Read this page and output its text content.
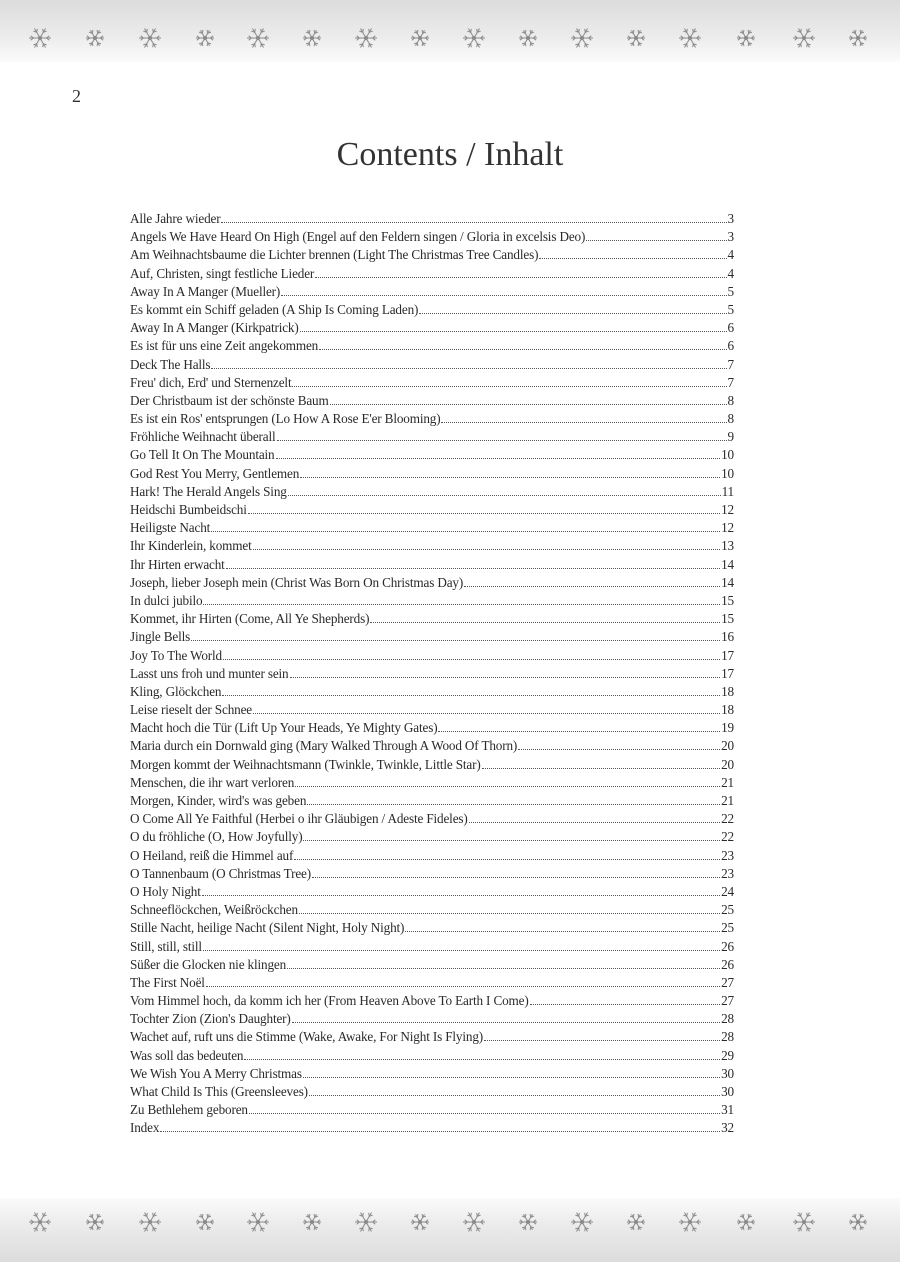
2
Contents / Inhalt
Alle Jahre wieder	3
Angels We Have Heard On High (Engel auf den Feldern singen / Gloria in excelsis Deo)	3
Am Weihnachtsbaume die Lichter brennen (Light The Christmas Tree Candles)	4
Auf, Christen, singt festliche Lieder	4
Away In A Manger (Mueller)	5
Es kommt ein Schiff geladen (A Ship Is Coming Laden)	5
Away In A Manger (Kirkpatrick)	6
Es ist für uns eine Zeit angekommen	6
Deck The Halls	7
Freu' dich, Erd' und Sternenzelt	7
Der Christbaum ist der schönste Baum	8
Es ist ein Ros' entsprungen (Lo How A Rose E'er Blooming)	8
Fröhliche Weihnacht überall	9
Go Tell It On The Mountain	10
God Rest You Merry, Gentlemen	10
Hark! The Herald Angels Sing	11
Heidschi Bumbeidschi	12
Heiligste Nacht	12
Ihr Kinderlein, kommet	13
Ihr Hirten erwacht	14
Joseph, lieber Joseph mein (Christ Was Born On Christmas Day)	14
In dulci jubilo	15
Kommet, ihr Hirten (Come, All Ye Shepherds)	15
Jingle Bells	16
Joy To The World	17
Lasst uns froh und munter sein	17
Kling, Glöckchen	18
Leise rieselt der Schnee	18
Macht hoch die Tür (Lift Up Your Heads, Ye Mighty Gates)	19
Maria durch ein Dornwald ging (Mary Walked Through A Wood Of Thorn)	20
Morgen kommt der Weihnachtsmann (Twinkle, Twinkle, Little Star)	20
Menschen, die ihr wart verloren	21
Morgen, Kinder, wird's was geben	21
O Come All Ye Faithful (Herbei o ihr Gläubigen / Adeste Fideles)	22
O du fröhliche (O, How Joyfully)	22
O Heiland, reiß die Himmel auf	23
O Tannenbaum (O Christmas Tree)	23
O Holy Night	24
Schneeflöckchen, Weißröckchen	25
Stille Nacht, heilige Nacht (Silent Night, Holy Night)	25
Still, still, still	26
Süßer die Glocken nie klingen	26
The First Noël	27
Vom Himmel hoch, da komm ich her (From Heaven Above To Earth I Come)	27
Tochter Zion (Zion's Daughter)	28
Wachet auf, ruft uns die Stimme (Wake, Awake, For Night Is Flying)	28
Was soll das bedeuten	29
We Wish You A Merry Christmas	30
What Child Is This (Greensleeves)	30
Zu Bethlehem geboren	31
Index	32
